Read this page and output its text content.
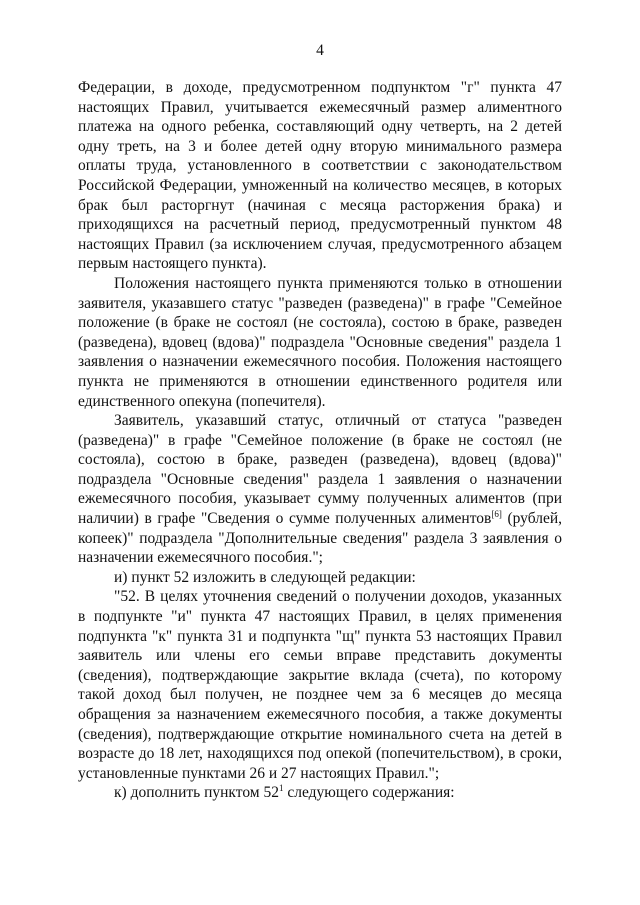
4

Федерации, в доходе, предусмотренном подпунктом "г" пункта 47 настоящих Правил, учитывается ежемесячный размер алиментного платежа на одного ребенка, составляющий одну четверть, на 2 детей одну треть, на 3 и более детей одну вторую минимального размера оплаты труда, установленного в соответствии с законодательством Российской Федерации, умноженный на количество месяцев, в которых брак был расторгнут (начиная с месяца расторжения брака) и приходящихся на расчетный период, предусмотренный пунктом 48 настоящих Правил (за исключением случая, предусмотренного абзацем первым настоящего пункта).

Положения настоящего пункта применяются только в отношении заявителя, указавшего статус "разведен (разведена)" в графе "Семейное положение (в браке не состоял (не состояла), состою в браке, разведен (разведена), вдовец (вдова)" подраздела "Основные сведения" раздела 1 заявления о назначении ежемесячного пособия. Положения настоящего пункта не применяются в отношении единственного родителя или единственного опекуна (попечителя).

Заявитель, указавший статус, отличный от статуса "разведен (разведена)" в графе "Семейное положение (в браке не состоял (не состояла), состою в браке, разведен (разведена), вдовец (вдова)" подраздела "Основные сведения" раздела 1 заявления о назначении ежемесячного пособия, указывает сумму полученных алиментов (при наличии) в графе "Сведения о сумме полученных алиментов[6] (рублей, копеек)" подраздела "Дополнительные сведения" раздела 3 заявления о назначении ежемесячного пособия.";

и) пункт 52 изложить в следующей редакции:

"52. В целях уточнения сведений о получении доходов, указанных в подпункте "и" пункта 47 настоящих Правил, в целях применения подпункта "к" пункта 31 и подпункта "щ" пункта 53 настоящих Правил заявитель или члены его семьи вправе представить документы (сведения), подтверждающие закрытие вклада (счета), по которому такой доход был получен, не позднее чем за 6 месяцев до месяца обращения за назначением ежемесячного пособия, а также документы (сведения), подтверждающие открытие номинального счета на детей в возрасте до 18 лет, находящихся под опекой (попечительством), в сроки, установленные пунктами 26 и 27 настоящих Правил.";

к) дополнить пунктом $52^1$ следующего содержания:
